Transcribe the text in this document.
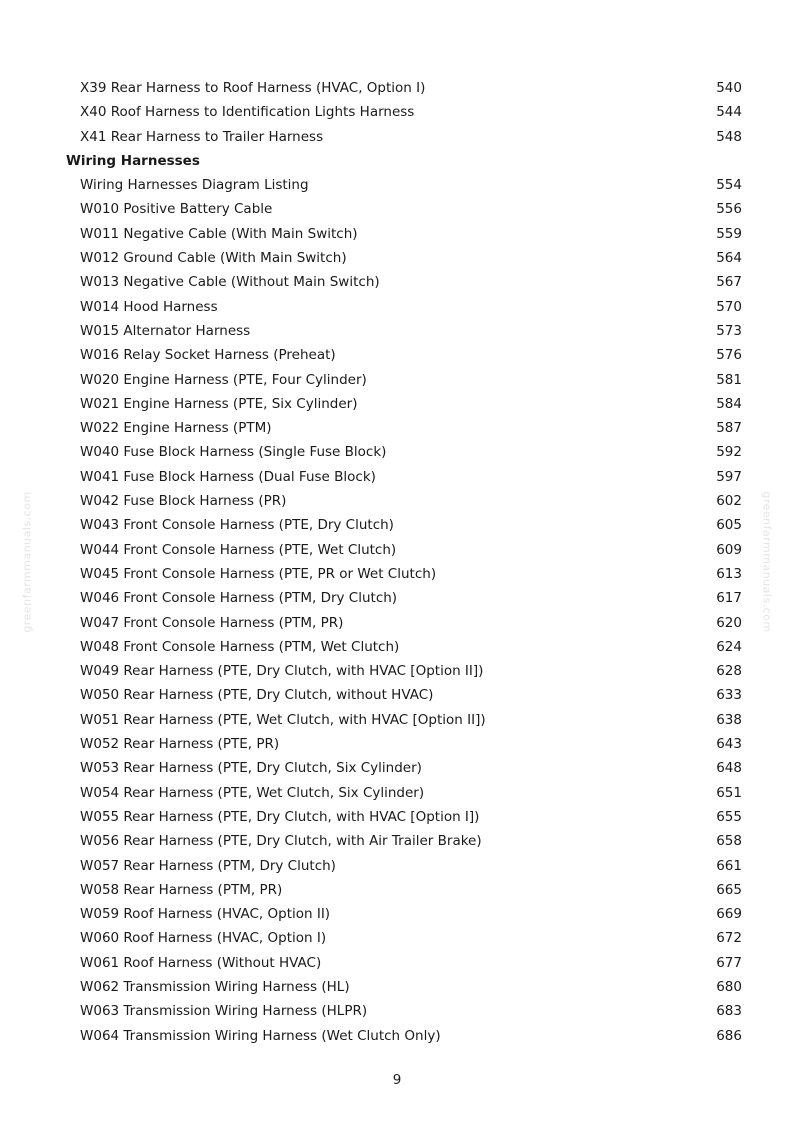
X39 Rear Harness to Roof Harness (HVAC, Option I)	540
X40 Roof Harness to Identification Lights Harness	544
X41 Rear Harness to Trailer Harness	548
Wiring Harnesses
Wiring Harnesses Diagram Listing	554
W010 Positive Battery Cable	556
W011 Negative Cable (With Main Switch)	559
W012 Ground Cable (With Main Switch)	564
W013 Negative Cable (Without Main Switch)	567
W014 Hood Harness	570
W015 Alternator Harness	573
W016 Relay Socket Harness (Preheat)	576
W020 Engine Harness (PTE, Four Cylinder)	581
W021 Engine Harness (PTE, Six Cylinder)	584
W022 Engine Harness (PTM)	587
W040 Fuse Block Harness (Single Fuse Block)	592
W041 Fuse Block Harness (Dual Fuse Block)	597
W042 Fuse Block Harness (PR)	602
W043 Front Console Harness (PTE, Dry Clutch)	605
W044 Front Console Harness (PTE, Wet Clutch)	609
W045 Front Console Harness (PTE, PR or Wet Clutch)	613
W046 Front Console Harness (PTM, Dry Clutch)	617
W047 Front Console Harness (PTM, PR)	620
W048 Front Console Harness (PTM, Wet Clutch)	624
W049 Rear Harness (PTE, Dry Clutch, with HVAC [Option II])	628
W050 Rear Harness (PTE, Dry Clutch, without HVAC)	633
W051 Rear Harness (PTE, Wet Clutch, with HVAC [Option II])	638
W052 Rear Harness (PTE, PR)	643
W053 Rear Harness (PTE, Dry Clutch, Six Cylinder)	648
W054 Rear Harness (PTE, Wet Clutch, Six Cylinder)	651
W055 Rear Harness (PTE, Dry Clutch, with HVAC [Option I])	655
W056 Rear Harness (PTE, Dry Clutch, with Air Trailer Brake)	658
W057 Rear Harness (PTM, Dry Clutch)	661
W058 Rear Harness (PTM, PR)	665
W059 Roof Harness (HVAC, Option II)	669
W060 Roof Harness (HVAC, Option I)	672
W061 Roof Harness (Without HVAC)	677
W062 Transmission Wiring Harness (HL)	680
W063 Transmission Wiring Harness (HLPR)	683
W064 Transmission Wiring Harness (Wet Clutch Only)	686
greenfarmmanuals.com	greenfarmmanuals.com
9
